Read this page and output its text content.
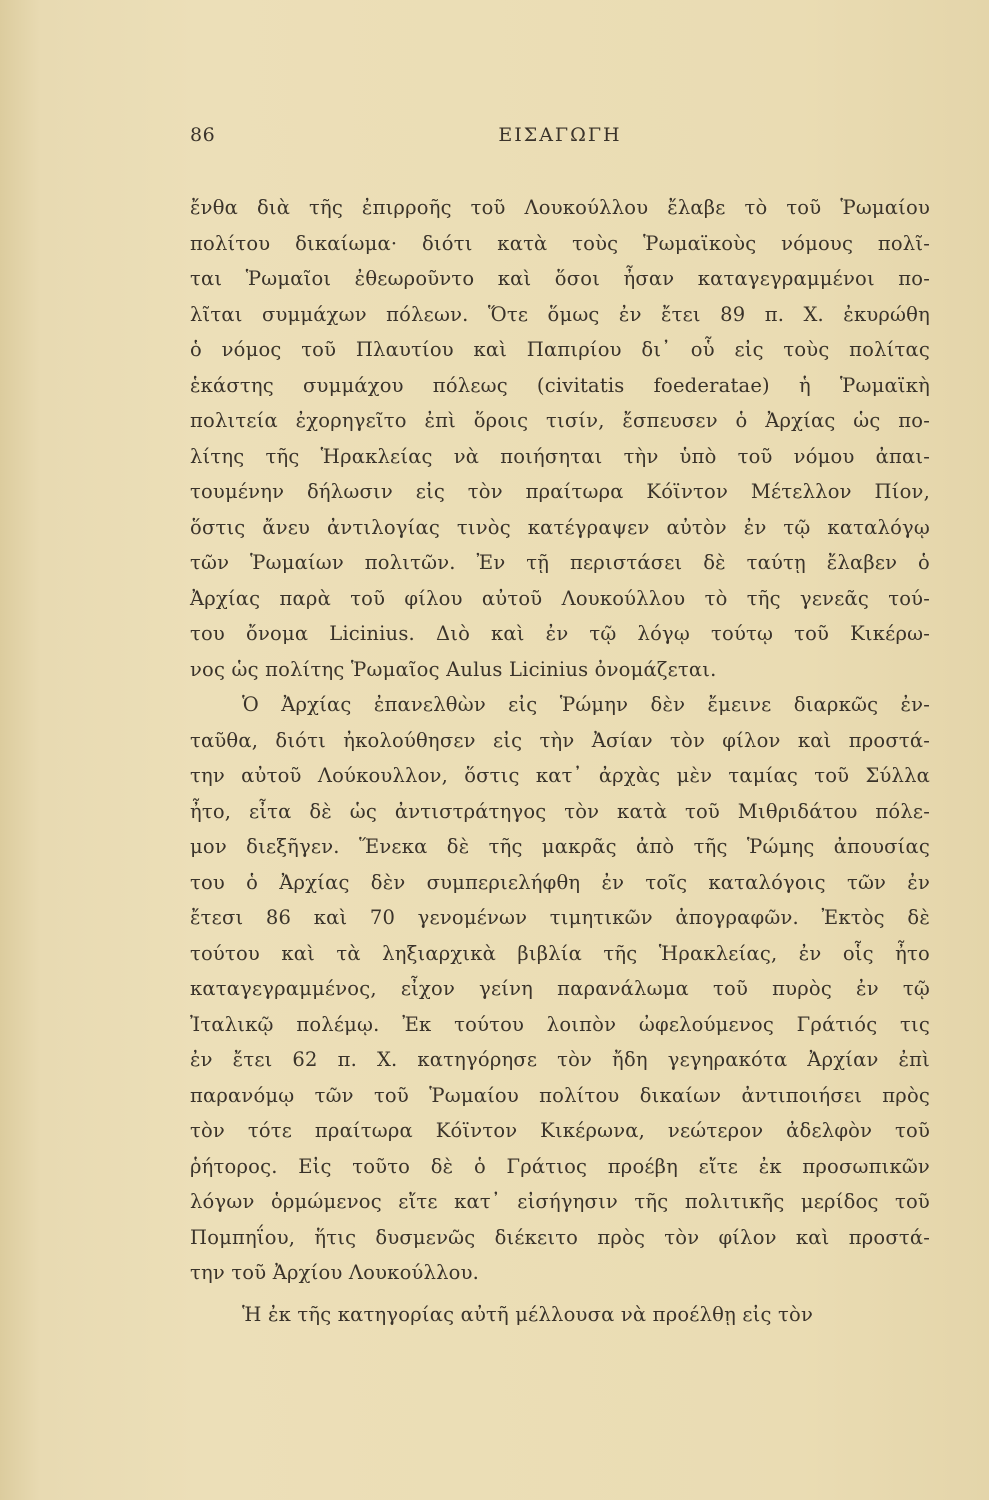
86	ΕΙΣΑΓΩΓΗ
ἔνθα διὰ τῆς ἐπιρροῆς τοῦ Λουκούλλου ἔλαβε τὸ τοῦ Ῥωμαίου
πολίτου δικαίωμα· διότι κατὰ τοὺς Ῥωμαϊκοὺς νόμους πολῖ-
ται Ῥωμαῖοι ἐθεωροῦντο καὶ ὅσοι ἦσαν καταγεγραμμένοι πο-
λῖται συμμάχων πόλεων. Ὅτε ὅμως ἐν ἔτει 89 π. Χ. ἐκυρώθη
ὁ νόμος τοῦ Πλαυτίου καὶ Παπιρίου δι᾽ οὗ εἰς τοὺς πολίτας
ἑκάστης συμμάχου πόλεως (civitatis foederatae) ἡ Ῥωμαϊκὴ
πολιτεία ἐχορηγεῖτο ἐπὶ ὅροις τισίν, ἔσπευσεν ὁ Ἀρχίας ὡς πο-
λίτης τῆς Ἡρακλείας νὰ ποιήσηται τὴν ὑπὸ τοῦ νόμου ἀπαι-
τουμένην δήλωσιν εἰς τὸν πραίτωρα Κόϊντον Μέτελλον Πίον,
ὅστις ἄνευ ἀντιλογίας τινὸς κατέγραψεν αὐτὸν ἐν τῷ καταλόγῳ
τῶν Ῥωμαίων πολιτῶν. Ἐν τῇ περιστάσει δὲ ταύτῃ ἔλαβεν ὁ
Ἀρχίας παρὰ τοῦ φίλου αὐτοῦ Λουκούλλου τὸ τῆς γενεᾶς τού-
του ὄνομα Licinius. Διὸ καὶ ἐν τῷ λόγῳ τούτῳ τοῦ Κικέρω-
νος ὡς πολίτης Ῥωμαῖος Aulus Licinius ὀνομάζεται.
Ὁ Ἀρχίας ἐπανελθὼν εἰς Ῥώμην δὲν ἔμεινε διαρκῶς ἐν-
ταῦθα, διότι ἠκολούθησεν εἰς τὴν Ἀσίαν τὸν φίλον καὶ προστά-
την αὐτοῦ Λούκουλλον, ὅστις κατ᾽ ἀρχὰς μὲν ταμίας τοῦ Σύλλα
ἦτο, εἶτα δὲ ὡς ἀντιστράτηγος τὸν κατὰ τοῦ Μιθριδάτου πόλε-
μον διεξῆγεν. Ἕνεκα δὲ τῆς μακρᾶς ἀπὸ τῆς Ῥώμης ἀπουσίας
του ὁ Ἀρχίας δὲν συμπεριελήφθη ἐν τοῖς καταλόγοις τῶν ἐν
ἔτεσι 86 καὶ 70 γενομένων τιμητικῶν ἀπογραφῶν. Ἐκτὸς δὲ
τούτου καὶ τὰ ληξιαρχικὰ βιβλία τῆς Ἡρακλείας, ἐν οἷς ἦτο
καταγεγραμμένος, εἶχον γείνη παρανάλωμα τοῦ πυρὸς ἐν τῷ
Ἰταλικῷ πολέμῳ. Ἐκ τούτου λοιπὸν ὠφελούμενος Γράτιός τις
ἐν ἔτει 62 π. Χ. κατηγόρησε τὸν ἤδη γεγηρακότα Ἀρχίαν ἐπὶ
παρανόμῳ τῶν τοῦ Ῥωμαίου πολίτου δικαίων ἀντιποιήσει πρὸς
τὸν τότε πραίτωρα Κόϊντον Κικέρωνα, νεώτερον ἀδελφὸν τοῦ
ῥήτορος. Εἰς τοῦτο δὲ ὁ Γράτιος προέβη εἴτε ἐκ προσωπικῶν
λόγων ὁρμώμενος εἴτε κατ᾽ εἰσήγησιν τῆς πολιτικῆς μερίδος τοῦ
Πομπηΐου, ἥτις δυσμενῶς διέκειτο πρὸς τὸν φίλον καὶ προστά-
την τοῦ Ἀρχίου Λουκούλλου.
Ἡ ἐκ τῆς κατηγορίας αὐτῆ μέλλουσα νὰ προέλθῃ εἰς τὸν
